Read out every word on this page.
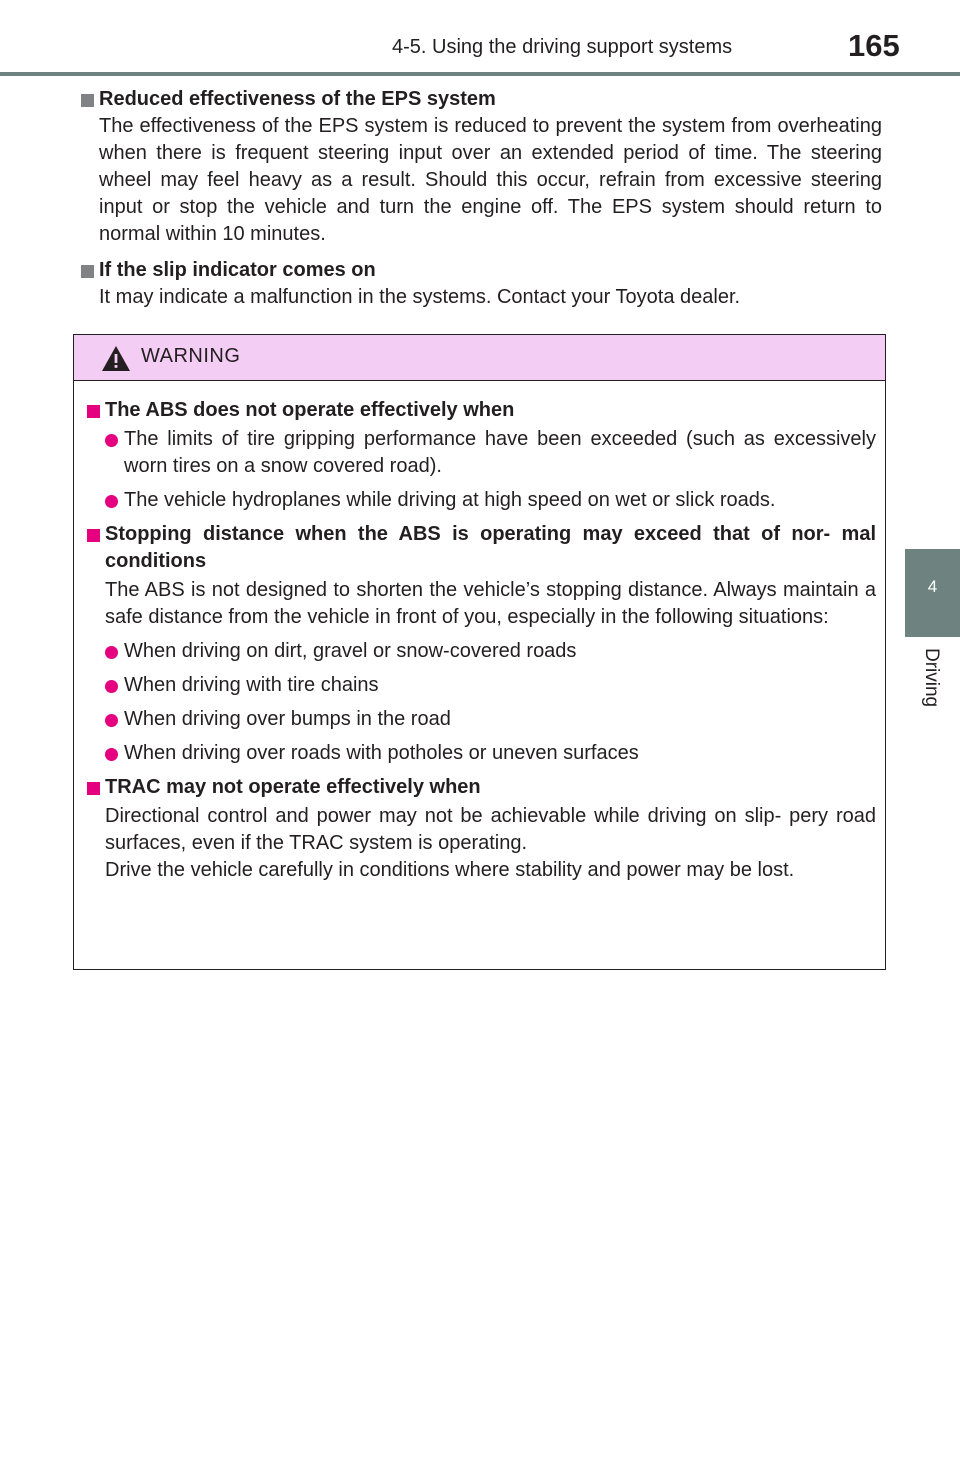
4-5. Using the driving support systems	165
4
Driving
Reduced effectiveness of the EPS system
The effectiveness of the EPS system is reduced to prevent the system from overheating when there is frequent steering input over an extended period of time. The steering wheel may feel heavy as a result. Should this occur, refrain from excessive steering input or stop the vehicle and turn the engine off. The EPS system should return to normal within 10 minutes.
If the slip indicator comes on
It may indicate a malfunction in the systems. Contact your Toyota dealer.
WARNING
The ABS does not operate effectively when
The limits of tire gripping performance have been exceeded (such as excessively worn tires on a snow covered road).
The vehicle hydroplanes while driving at high speed on wet or slick roads.
Stopping distance when the ABS is operating may exceed that of nor- mal conditions
The ABS is not designed to shorten the vehicle’s stopping distance. Always maintain a safe distance from the vehicle in front of you, especially in the following situations:
When driving on dirt, gravel or snow-covered roads
When driving with tire chains
When driving over bumps in the road
When driving over roads with potholes or uneven surfaces
TRAC may not operate effectively when
Directional control and power may not be achievable while driving on slip- pery road surfaces, even if the TRAC system is operating.
Drive the vehicle carefully in conditions where stability and power may be lost.
